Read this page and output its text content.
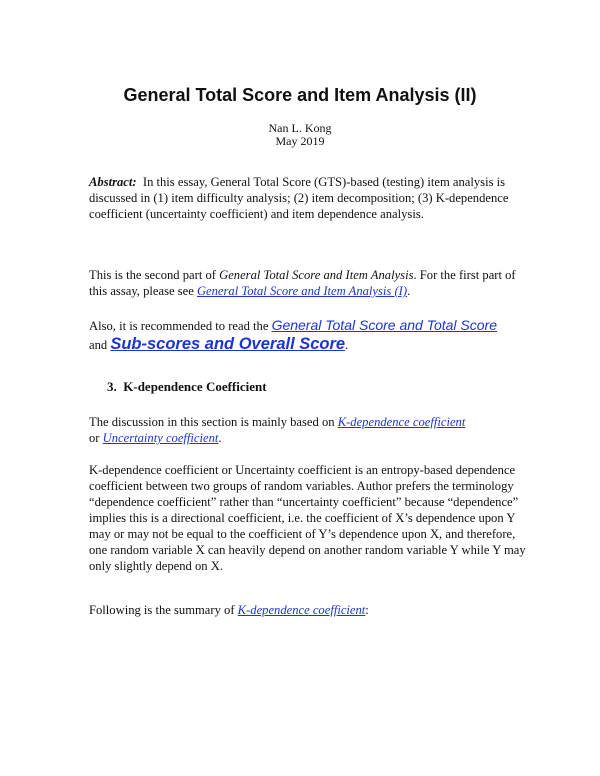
General Total Score and Item Analysis (II)
Nan L. Kong
May 2019

Abstract: In this essay, General Total Score (GTS)-based (testing) item analysis is discussed in (1) item difficulty analysis; (2) item decomposition; (3) K-dependence coefficient (uncertainty coefficient) and item dependence analysis.

This is the second part of General Total Score and Item Analysis. For the first part of this assay, please see General Total Score and Item Analysis (I).

Also, it is recommended to read the General Total Score and Total Score
and Sub-scores and Overall Score.

3. K-dependence Coefficient

The discussion in this section is mainly based on K-dependence coefficient
or Uncertainty coefficient.

K-dependence coefficient or Uncertainty coefficient is an entropy-based dependence coefficient between two groups of random variables. Author prefers the terminology “dependence coefficient” rather than “uncertainty coefficient” because “dependence” implies this is a directional coefficient, i.e. the coefficient of X’s dependence upon Y may or may not be equal to the coefficient of Y’s dependence upon X, and therefore, one random variable X can heavily depend on another random variable Y while Y may only slightly depend on X.

Following is the summary of K-dependence coefficient:
